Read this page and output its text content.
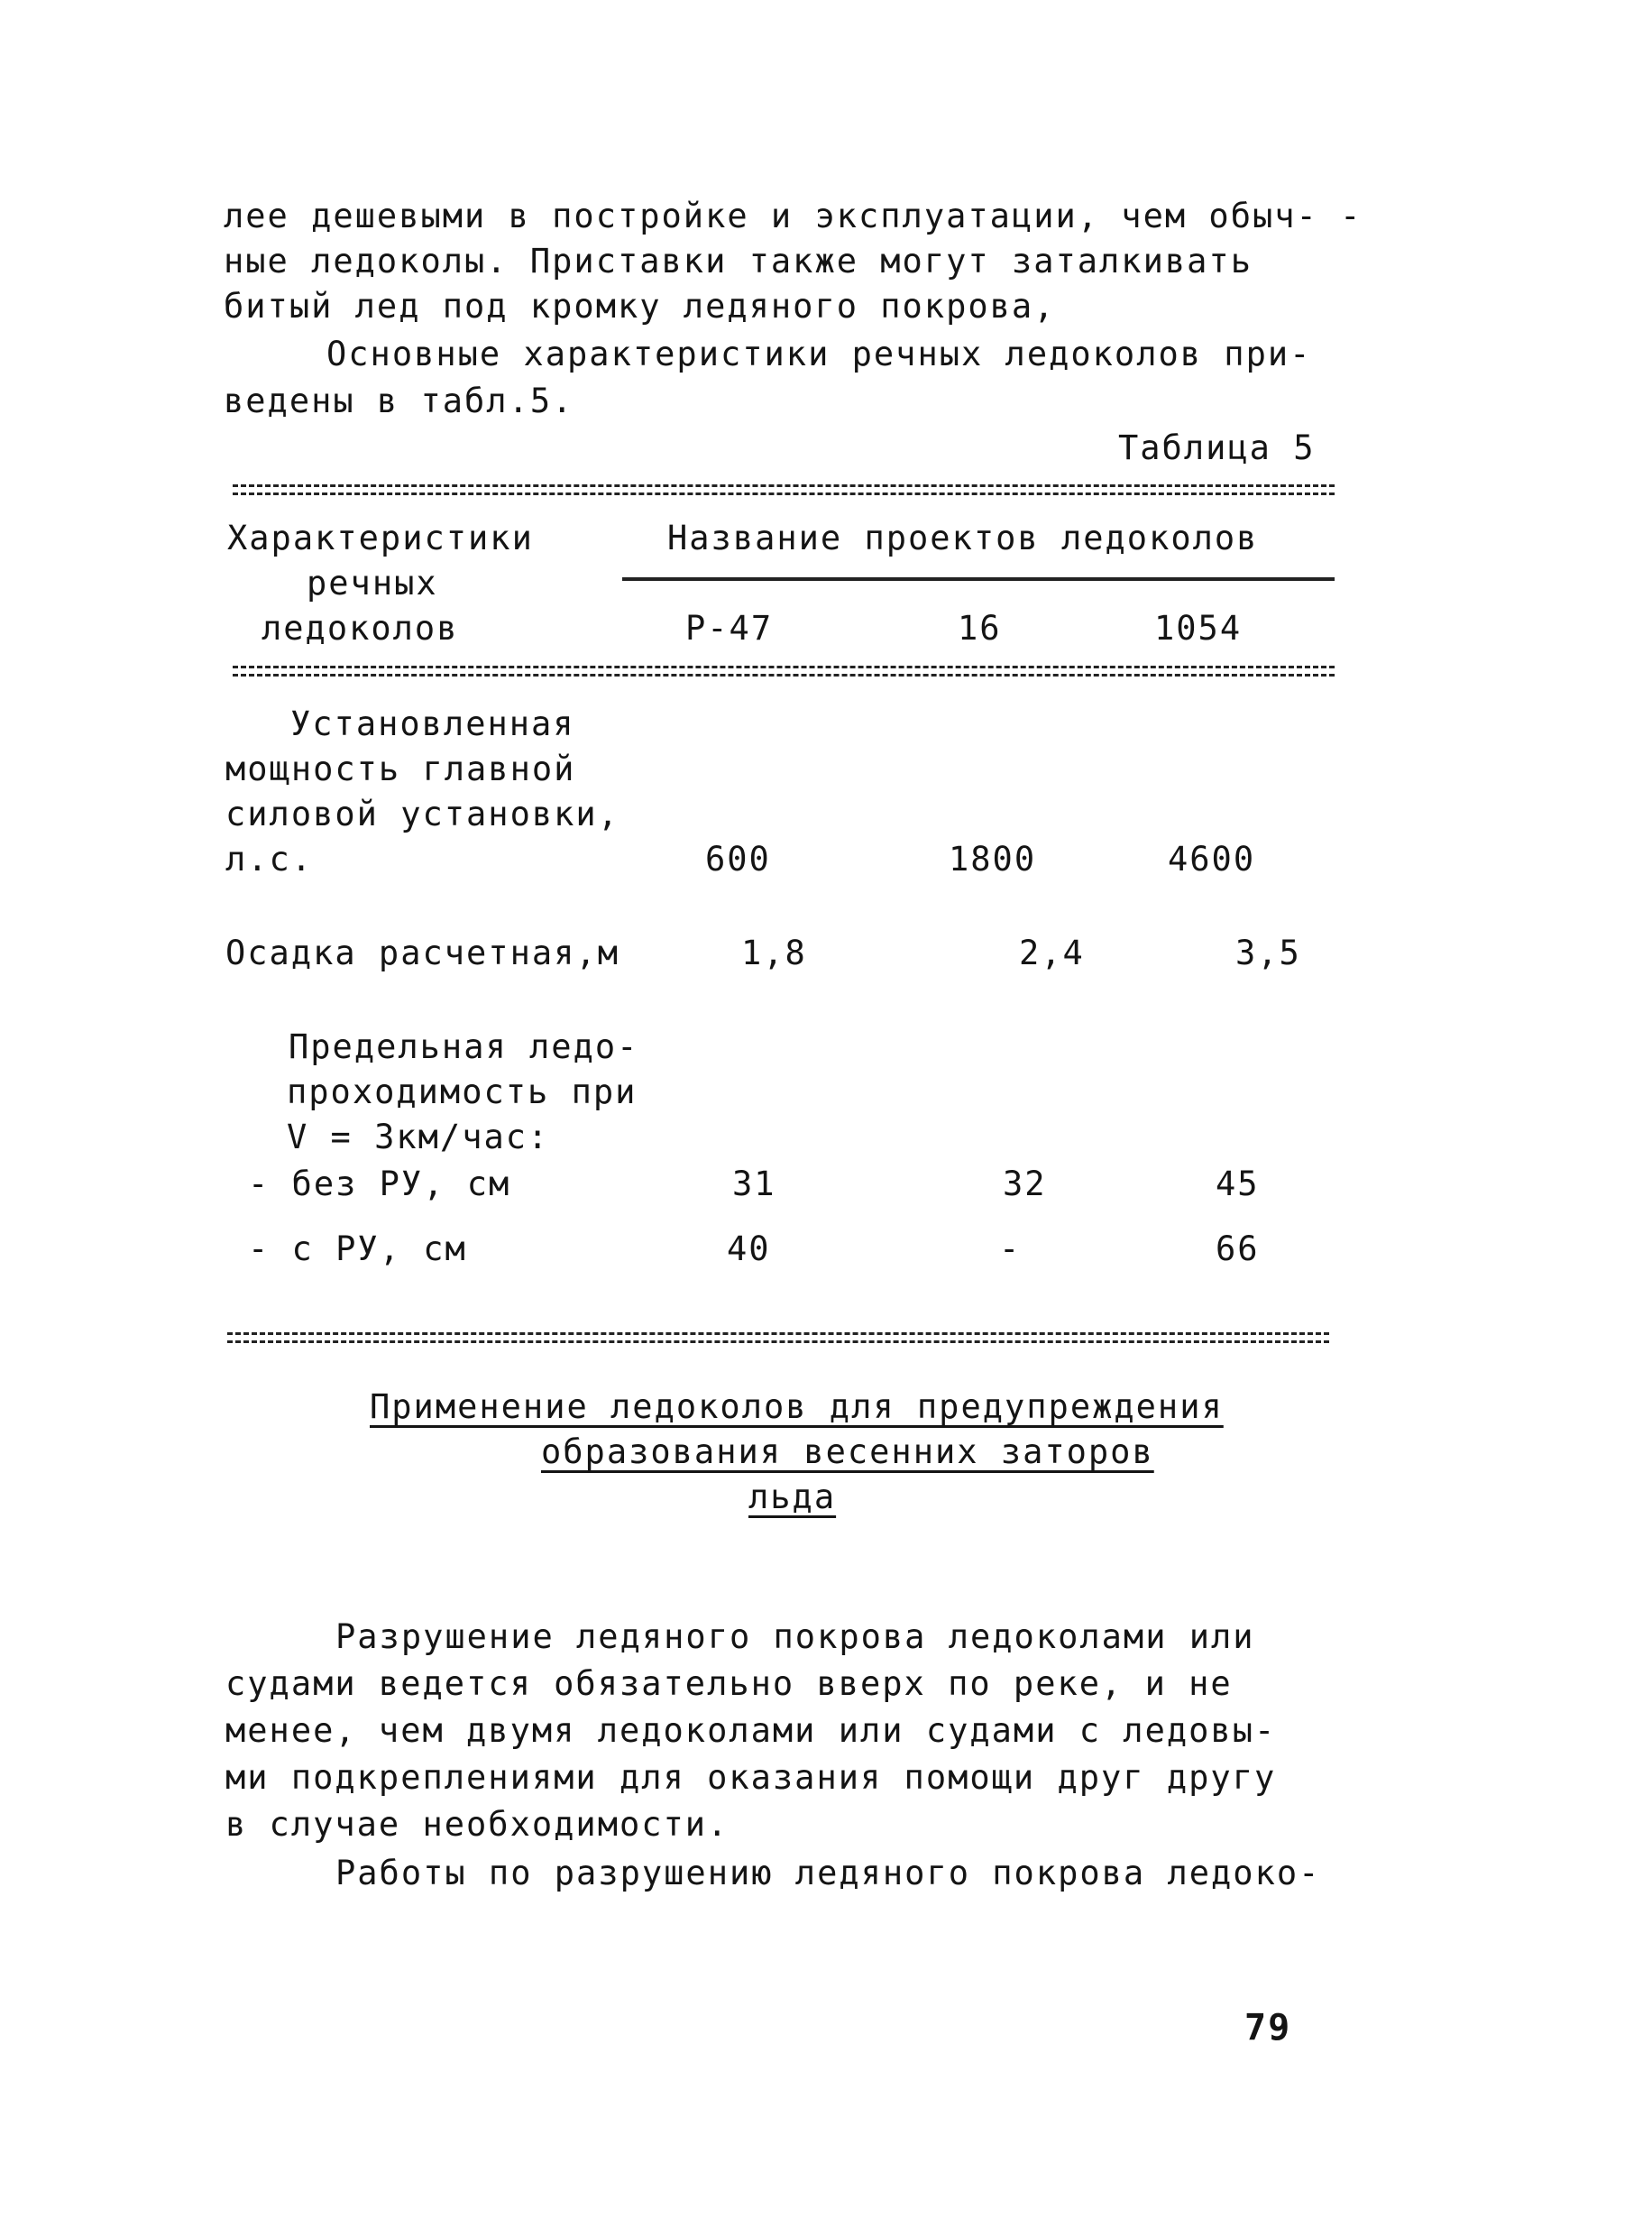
лее дешевыми в постройке и эксплуатации, чем обыч- -
ные ледоколы. Приставки также могут заталкивать
битый лед под кромку ледяного покрова,
Основные характеристики речных ледоколов при-
ведены в табл.5.
Таблица 5
Характеристики
речных
ледоколов
Название проектов ледоколов
Р-47	16	1054
Установленная
мощность главной
силовой установки,
л.с.	600	1800	4600
Осадка расчетная,м	1,8	2,4	3,5
Предельная ледо-
проходимость при
V = 3км/час:
- без РУ, см	31	32	45
- с РУ, см	40	-	66
Применение ледоколов для предупреждения
образования весенних заторов
льда
Разрушение ледяного покрова ледоколами или
судами ведется обязательно вверх по реке, и не
менее, чем двумя ледоколами или судами с ледовы-
ми подкреплениями для оказания помощи друг другу
в случае необходимости.
Работы по разрушению ледяного покрова ледоко-
79
